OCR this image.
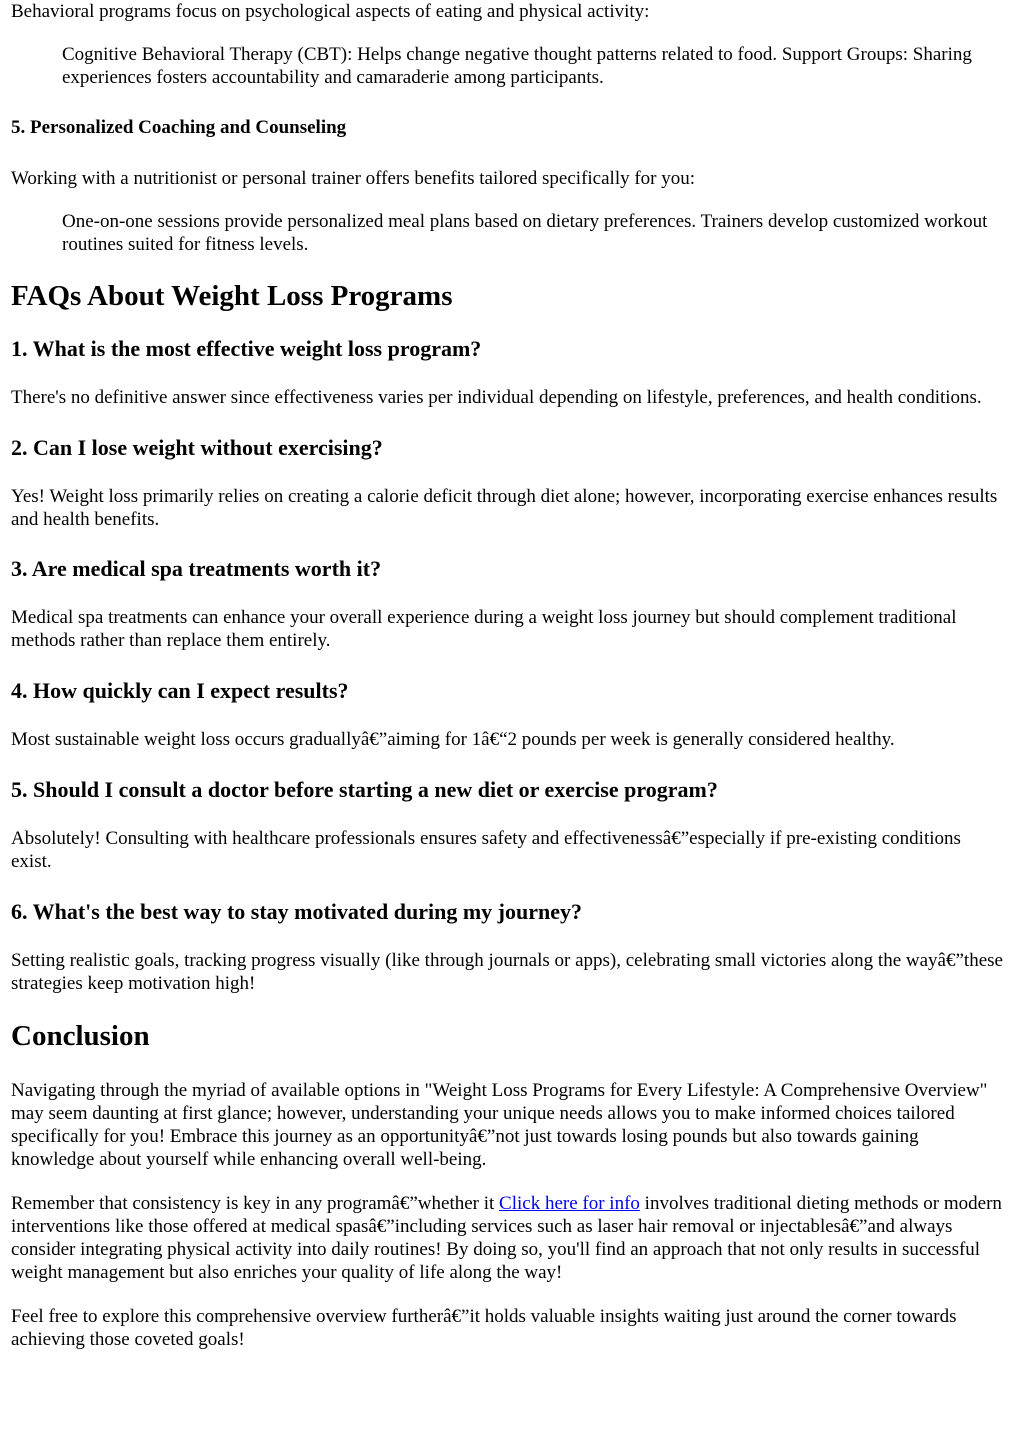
Behavioral programs focus on psychological aspects of eating and physical activity:

Cognitive Behavioral Therapy (CBT): Helps change negative thought patterns related to food. Support Groups: Sharing experiences fosters accountability and camaraderie among participants.
5. Personalized Coaching and Counseling

Working with a nutritionist or personal trainer offers benefits tailored specifically for you:

One-on-one sessions provide personalized meal plans based on dietary preferences. Trainers develop customized workout routines suited for fitness levels.
FAQs About Weight Loss Programs
1. What is the most effective weight loss program?

There's no definitive answer since effectiveness varies per individual depending on lifestyle, preferences, and health conditions.

2. Can I lose weight without exercising?

Yes! Weight loss primarily relies on creating a calorie deficit through diet alone; however, incorporating exercise enhances results and health benefits.

3. Are medical spa treatments worth it?

Medical spa treatments can enhance your overall experience during a weight loss journey but should complement traditional methods rather than replace them entirely.

4. How quickly can I expect results?

Most sustainable weight loss occurs graduallyâ€”aiming for 1â€“2 pounds per week is generally considered healthy.

5. Should I consult a doctor before starting a new diet or exercise program?

Absolutely! Consulting with healthcare professionals ensures safety and effectivenessâ€”especially if pre-existing conditions exist.

6. What's the best way to stay motivated during my journey?

Setting realistic goals, tracking progress visually (like through journals or apps), celebrating small victories along the wayâ€”these strategies keep motivation high!

Conclusion

Navigating through the myriad of available options in "Weight Loss Programs for Every Lifestyle: A Comprehensive Overview" may seem daunting at first glance; however, understanding your unique needs allows you to make informed choices tailored specifically for you! Embrace this journey as an opportunityâ€”not just towards losing pounds but also towards gaining knowledge about yourself while enhancing overall well-being.

Remember that consistency is key in any programâ€”whether it Click here for info involves traditional dieting methods or modern interventions like those offered at medical spasâ€”including services such as laser hair removal or injectablesâ€”and always consider integrating physical activity into daily routines! By doing so, you'll find an approach that not only results in successful weight management but also enriches your quality of life along the way!

Feel free to explore this comprehensive overview furtherâ€”it holds valuable insights waiting just around the corner towards achieving those coveted goals!
